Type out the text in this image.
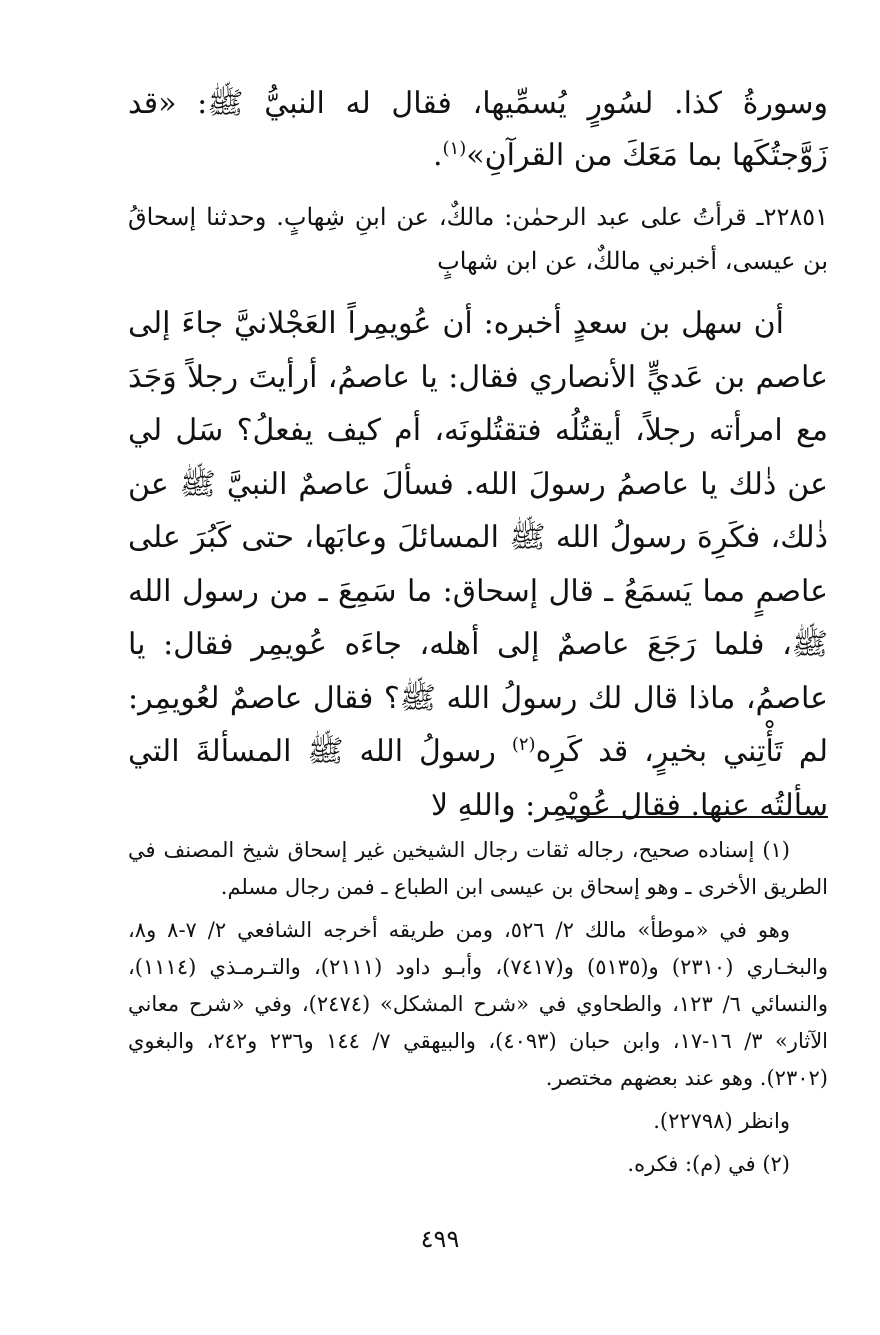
وسورةُ كذا. لسُورٍ يُسمِّيها، فقال له النبيُّ ﷺ: «قد زَوَّجتُكَها بما مَعَكَ من القرآنِ»$^{(١)}$.
٢٢٨٥١ـ قرأتُ على عبد الرحمٰن: مالكٌ، عن ابنِ شِهابٍ. وحدثنا إسحاقُ بن عيسى، أخبرني مالكٌ، عن ابن شهابٍ
أن سهل بن سعدٍ أخبره: أن عُويمِراً العَجْلانيَّ جاءَ إلى عاصم بن عَديٍّ الأنصاري فقال: يا عاصمُ، أرأيتَ رجلاً وَجَدَ مع امرأته رجلاً، أيقتُلُه فتقتُلونَه، أم كيف يفعلُ؟ سَل لي عن ذٰلك يا عاصمُ رسولَ الله. فسألَ عاصمٌ النبيَّ ﷺ عن ذٰلك، فكَرِهَ رسولُ الله ﷺ المسائلَ وعابَها، حتى كَبُرَ على عاصمٍ مما يَسمَعُ ـ قال إسحاق: ما سَمِعَ ـ من رسول الله ﷺ، فلما رَجَعَ عاصمٌ إلى أهله، جاءَه عُويمِر فقال: يا عاصمُ، ماذا قال لك رسولُ الله ﷺ؟ فقال عاصمٌ لعُويمِر: لم تَأْتِني بخيرٍ، قد كَرِه$^{(٢)}$ رسولُ الله ﷺ المسألةَ التي سألتُه عنها. فقال عُويْمِر: واللهِ لا

(١) إسناده صحيح، رجاله ثقات رجال الشيخين غير إسحاق شيخ المصنف في الطريق الأخرى ـ وهو إسحاق بن عيسى ابن الطباع ـ فمن رجال مسلم.

وهو في «موطأ» مالك ٢/ ٥٢٦، ومن طريقه أخرجه الشافعي ٢/ ٧-٨ و٨، والبخـاري (٢٣١٠) و(٥١٣٥) و(٧٤١٧)، وأبـو داود (٢١١١)، والتـرمـذي (١١١٤)، والنسائي ٦/ ١٢٣، والطحاوي في «شرح المشكل» (٢٤٧٤)، وفي «شرح معاني الآثار» ٣/ ١٦-١٧، وابن حبان (٤٠٩٣)، والبيهقي ٧/ ١٤٤ و٢٣٦ و٢٤٢، والبغوي (٢٣٠٢). وهو عند بعضهم مختصر.

وانظر (٢٢٧٩٨).

(٢) في (م): فكره.

٤٩٩
